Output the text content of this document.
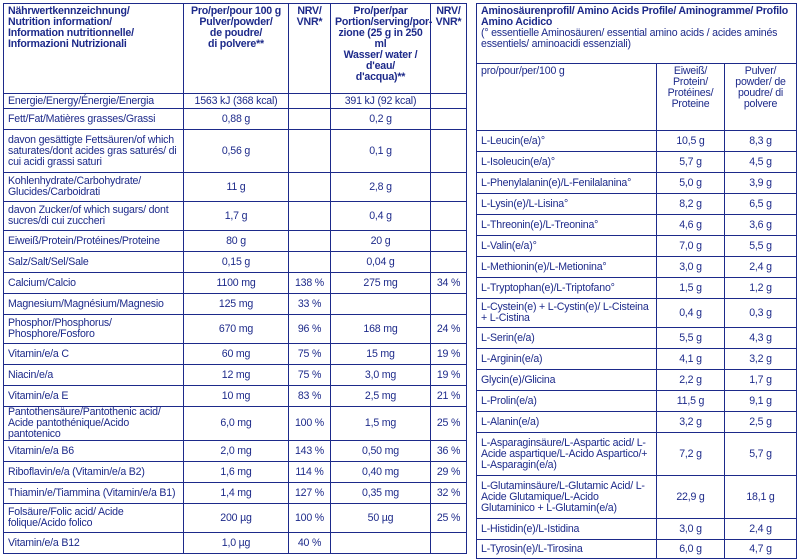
Nährwertkennzeichnung/
Nutrition information/
Information nutritionnelle/
Informazioni Nutrizionali	Pro/per/pour 100 g
Pulver/powder/
de poudre/
di polvere**	NRV/
VNR*	Pro/per/par
Portion/serving/por-
zione (25 g in 250 ml
Wasser/ water / d'eau/
d'acqua)**	NRV/
VNR*
Energie/Energy/Énergie/Energia	1563 kJ (368 kcal)		391 kJ (92 kcal)	
Fett/Fat/Matières grasses/Grassi	0,88 g		0,2 g	
davon gesättigte Fettsäuren/of which saturates/dont acides gras saturés/ di cui acidi grassi saturi	0,56 g		0,1 g	
Kohlenhydrate/Carbohydrate/ Glucides/Carboidrati	11 g		2,8 g	
davon Zucker/of which sugars/ dont sucres/di cui zuccheri	1,7 g		0,4 g	
Eiweiß/Protein/Protéines/Proteine	80 g		20 g	
Salz/Salt/Sel/Sale	0,15 g		0,04 g	
Calcium/Calcio	1100 mg	138 %	275 mg	34 %
Magnesium/Magnésium/Magnesio	125 mg	33 %		
Phosphor/Phosphorus/ Phosphore/Fosforo	670 mg	96 %	168 mg	24 %
Vitamin/e/a C	60 mg	75 %	15 mg	19 %
Niacin/e/a	12 mg	75 %	3,0 mg	19 %
Vitamin/e/a E	10 mg	83 %	2,5 mg	21 %
Pantothensäure/Pantothenic acid/ Acide pantothénique/Acido pantotenico	6,0 mg	100 %	1,5 mg	25 %
Vitamin/e/a B6	2,0 mg	143 %	0,50 mg	36 %
Riboflavin/e/a (Vitamin/e/a B2)	1,6 mg	114 %	0,40 mg	29 %
Thiamin/e/Tiammina (Vitamin/e/a B1)	1,4 mg	127 %	0,35 mg	32 %
Folsäure/Folic acid/ Acide folique/Acido folico	200 µg	100 %	50 µg	25 %
Vitamin/e/a B12	1,0 µg	40 %		
Aminosäurenprofil/ Amino Acids Profile/ Aminogramme/ Profilo Amino Acidico
(° essentielle Aminosäuren/ essential amino acids / acides aminés essentiels/ aminoacidi essenziali)		

pro/pour/per/100 g	Eiweiß/ Protein/ Protéines/ Proteine	Pulver/ powder/ de poudre/ di polvere
L-Leucin(e/a)°	10,5 g	8,3 g
L-Isoleucin(e/a)°	5,7 g	4,5 g
L-Phenylalanin(e)/L-Fenilalanina°	5,0 g	3,9 g
L-Lysin(e)/L-Lisina°	8,2 g	6,5 g
L-Threonin(e)/L-Treonina°	4,6 g	3,6 g
L-Valin(e/a)°	7,0 g	5,5 g
L-Methionin(e)/L-Metionina°	3,0 g	2,4 g
L-Tryptophan(e)/L-Triptofano°	1,5 g	1,2 g
L-Cystein(e) + L-Cystin(e)/ L-Cisteina + L-Cistina	0,4 g	0,3 g
L-Serin(e/a)	5,5 g	4,3 g
L-Arginin(e/a)	4,1 g	3,2 g
Glycin(e)/Glicina	2,2 g	1,7 g
L-Prolin(e/a)	11,5 g	9,1 g
L-Alanin(e/a)	3,2 g	2,5 g
L-Asparaginsäure/L-Aspartic acid/ L-Acide aspartique/L-Acido Aspartico/+ L-Asparagin(e/a)	7,2 g	5,7 g
L-Glutaminsäure/L-Glutamic Acid/ L-Acide Glutamique/L-Acido Glutaminico + L-Glutamin(e/a)	22,9 g	18,1 g
L-Histidin(e)/L-Istidina	3,0 g	2,4 g
L-Tyrosin(e)/L-Tirosina	6,0 g	4,7 g
